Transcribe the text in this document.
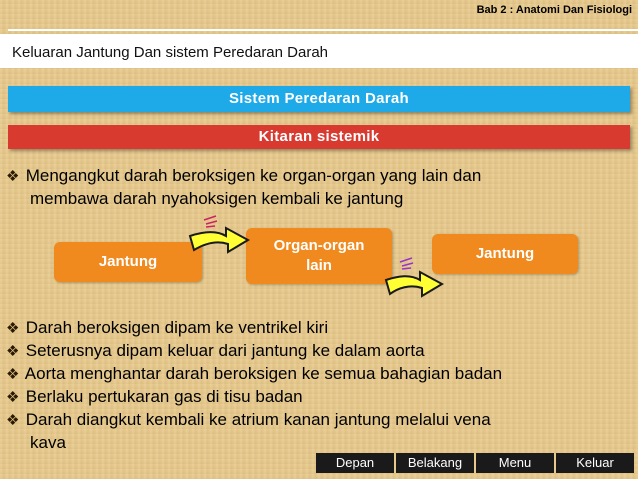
Bab 2 : Anatomi Dan Fisiologi
Keluaran Jantung Dan sistem Peredaran Darah
Sistem Peredaran Darah
Kitaran sistemik
❖ Mengangkut darah beroksigen ke organ-organ yang lain dan
membawa darah nyahoksigen kembali ke jantung
Jantung
Organ-organ
lain
Jantung
❖ Darah beroksigen dipam ke ventrikel kiri
❖ Seterusnya dipam keluar dari jantung ke dalam aorta
❖ Aorta menghantar darah beroksigen ke semua bahagian badan
❖ Berlaku pertukaran gas di tisu badan
❖ Darah diangkut kembali ke atrium kanan jantung melalui vena
kava
Depan	Belakang	Menu	Keluar
